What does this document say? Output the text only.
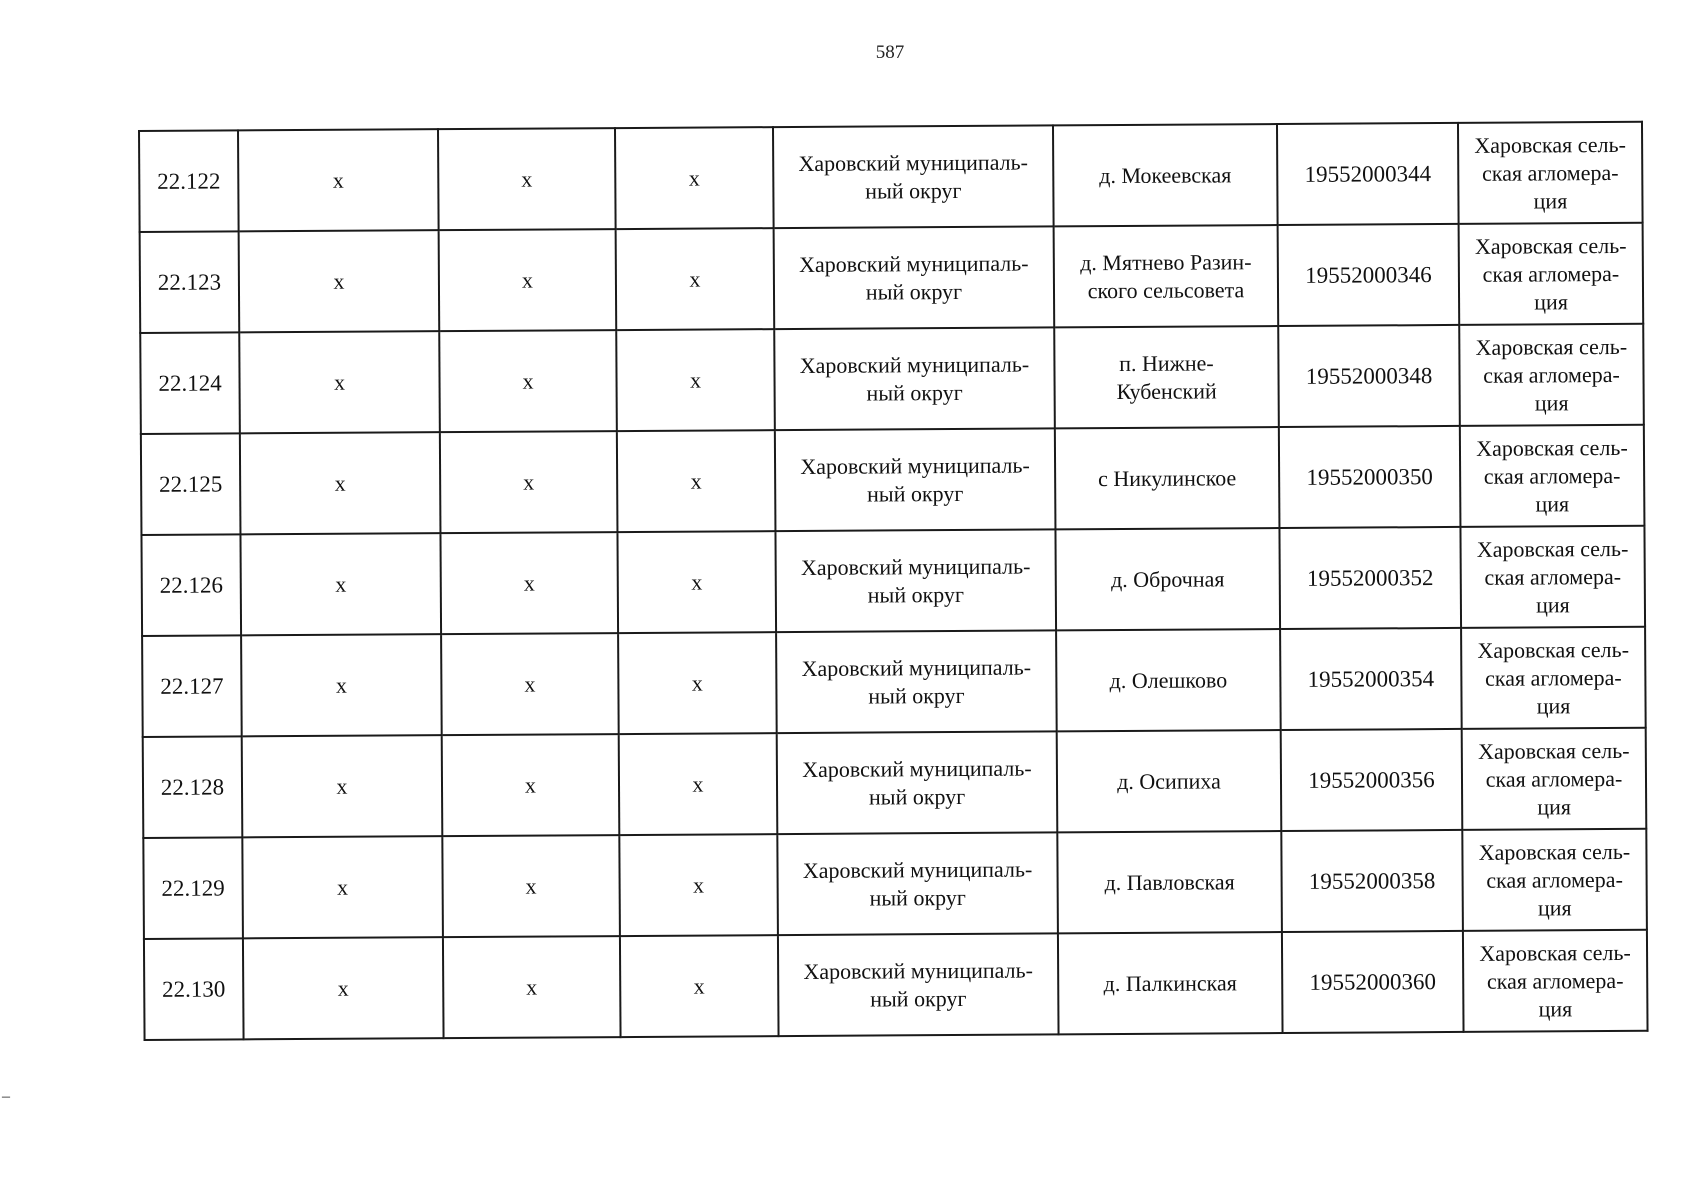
587
22.122	х	х	х	Харовский муниципаль-
ный округ	д. Мокеевская	19552000344	Харовская сель-
ская агломера-
ция
22.123	х	х	х	Харовский муниципаль-
ный округ	д. Мятнево Разин-
ского сельсовета	19552000346	Харовская сель-
ская агломера-
ция
22.124	х	х	х	Харовский муниципаль-
ный округ	п. Нижне-
Кубенский	19552000348	Харовская сель-
ская агломера-
ция
22.125	х	х	х	Харовский муниципаль-
ный округ	с Никулинское	19552000350	Харовская сель-
ская агломера-
ция
22.126	х	х	х	Харовский муниципаль-
ный округ	д. Оброчная	19552000352	Харовская сель-
ская агломера-
ция
22.127	х	х	х	Харовский муниципаль-
ный округ	д. Олешково	19552000354	Харовская сель-
ская агломера-
ция
22.128	х	х	х	Харовский муниципаль-
ный округ	д. Осипиха	19552000356	Харовская сель-
ская агломера-
ция
22.129	х	х	х	Харовский муниципаль-
ный округ	д. Павловская	19552000358	Харовская сель-
ская агломера-
ция
22.130	х	х	х	Харовский муниципаль-
ный округ	д. Палкинская	19552000360	Харовская сель-
ская агломера-
ция
–
